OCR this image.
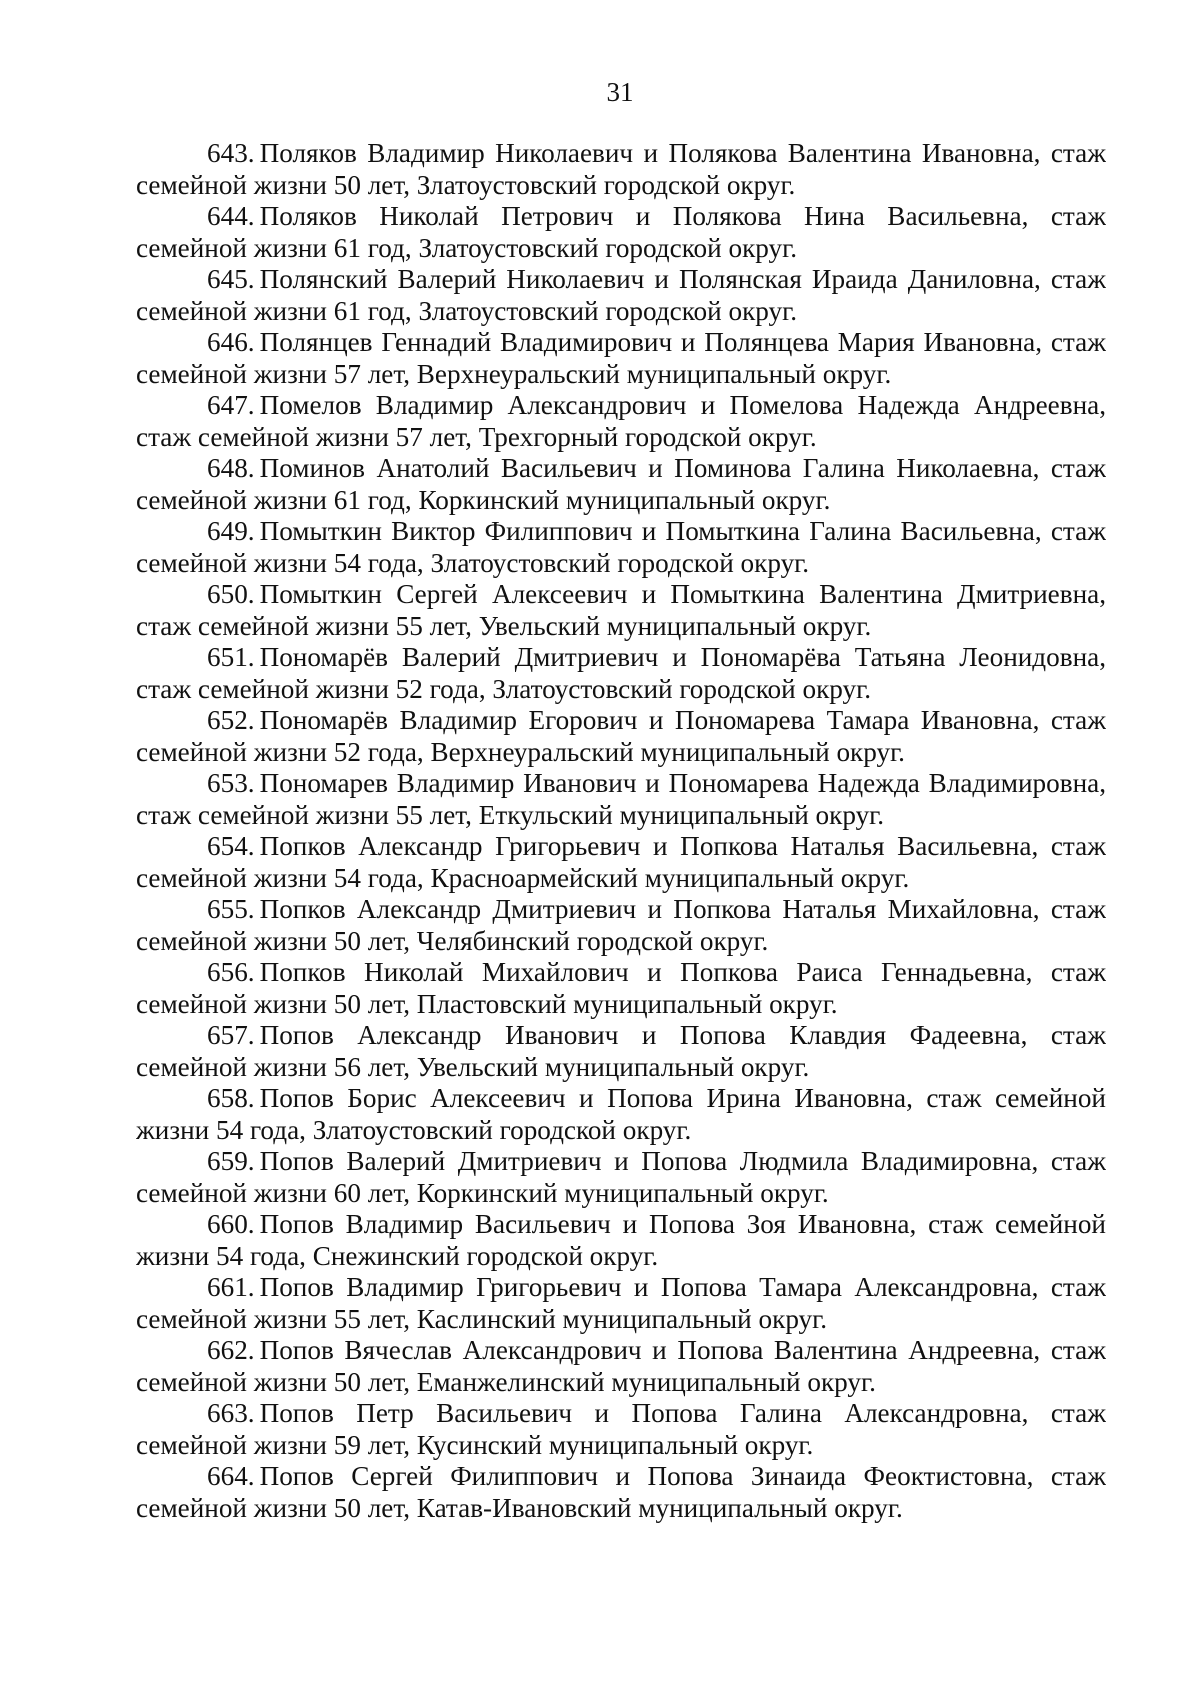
31

643. Поляков Владимир Николаевич и Полякова Валентина Ивановна, стаж семейной жизни 50 лет, Златоустовский городской округ.

644. Поляков Николай Петрович и Полякова Нина Васильевна, стаж семейной жизни 61 год, Златоустовский городской округ.

645. Полянский Валерий Николаевич и Полянская Ираида Даниловна, стаж семейной жизни 61 год, Златоустовский городской округ.

646. Полянцев Геннадий Владимирович и Полянцева Мария Ивановна, стаж семейной жизни 57 лет, Верхнеуральский муниципальный округ.

647. Помелов Владимир Александрович и Помелова Надежда Андреевна, стаж семейной жизни 57 лет, Трехгорный городской округ.

648. Поминов Анатолий Васильевич и Поминова Галина Николаевна, стаж семейной жизни 61 год, Коркинский муниципальный округ.

649. Помыткин Виктор Филиппович и Помыткина Галина Васильевна, стаж семейной жизни 54 года, Златоустовский городской округ.

650. Помыткин Сергей Алексеевич и Помыткина Валентина Дмитриевна, стаж семейной жизни 55 лет, Увельский муниципальный округ.

651. Пономарёв Валерий Дмитриевич и Пономарёва Татьяна Леонидовна, стаж семейной жизни 52 года, Златоустовский городской округ.

652. Пономарёв Владимир Егорович и Пономарева Тамара Ивановна, стаж семейной жизни 52 года, Верхнеуральский муниципальный округ.

653. Пономарев Владимир Иванович и Пономарева Надежда Владимировна, стаж семейной жизни 55 лет, Еткульский муниципальный округ.

654. Попков Александр Григорьевич и Попкова Наталья Васильевна, стаж семейной жизни 54 года, Красноармейский муниципальный округ.

655. Попков Александр Дмитриевич и Попкова Наталья Михайловна, стаж семейной жизни 50 лет, Челябинский городской округ.

656. Попков Николай Михайлович и Попкова Раиса Геннадьевна, стаж семейной жизни 50 лет, Пластовский муниципальный округ.

657. Попов Александр Иванович и Попова Клавдия Фадеевна, стаж семейной жизни 56 лет, Увельский муниципальный округ.

658. Попов Борис Алексеевич и Попова Ирина Ивановна, стаж семейной жизни 54 года, Златоустовский городской округ.

659. Попов Валерий Дмитриевич и Попова Людмила Владимировна, стаж семейной жизни 60 лет, Коркинский муниципальный округ.

660. Попов Владимир Васильевич и Попова Зоя Ивановна, стаж семейной жизни 54 года, Снежинский городской округ.

661. Попов Владимир Григорьевич и Попова Тамара Александровна, стаж семейной жизни 55 лет, Каслинский муниципальный округ.

662. Попов Вячеслав Александрович и Попова Валентина Андреевна, стаж семейной жизни 50 лет, Еманжелинский муниципальный округ.

663. Попов Петр Васильевич и Попова Галина Александровна, стаж семейной жизни 59 лет, Кусинский муниципальный округ.

664. Попов Сергей Филиппович и Попова Зинаида Феоктистовна, стаж семейной жизни 50 лет, Катав-Ивановский муниципальный округ.
